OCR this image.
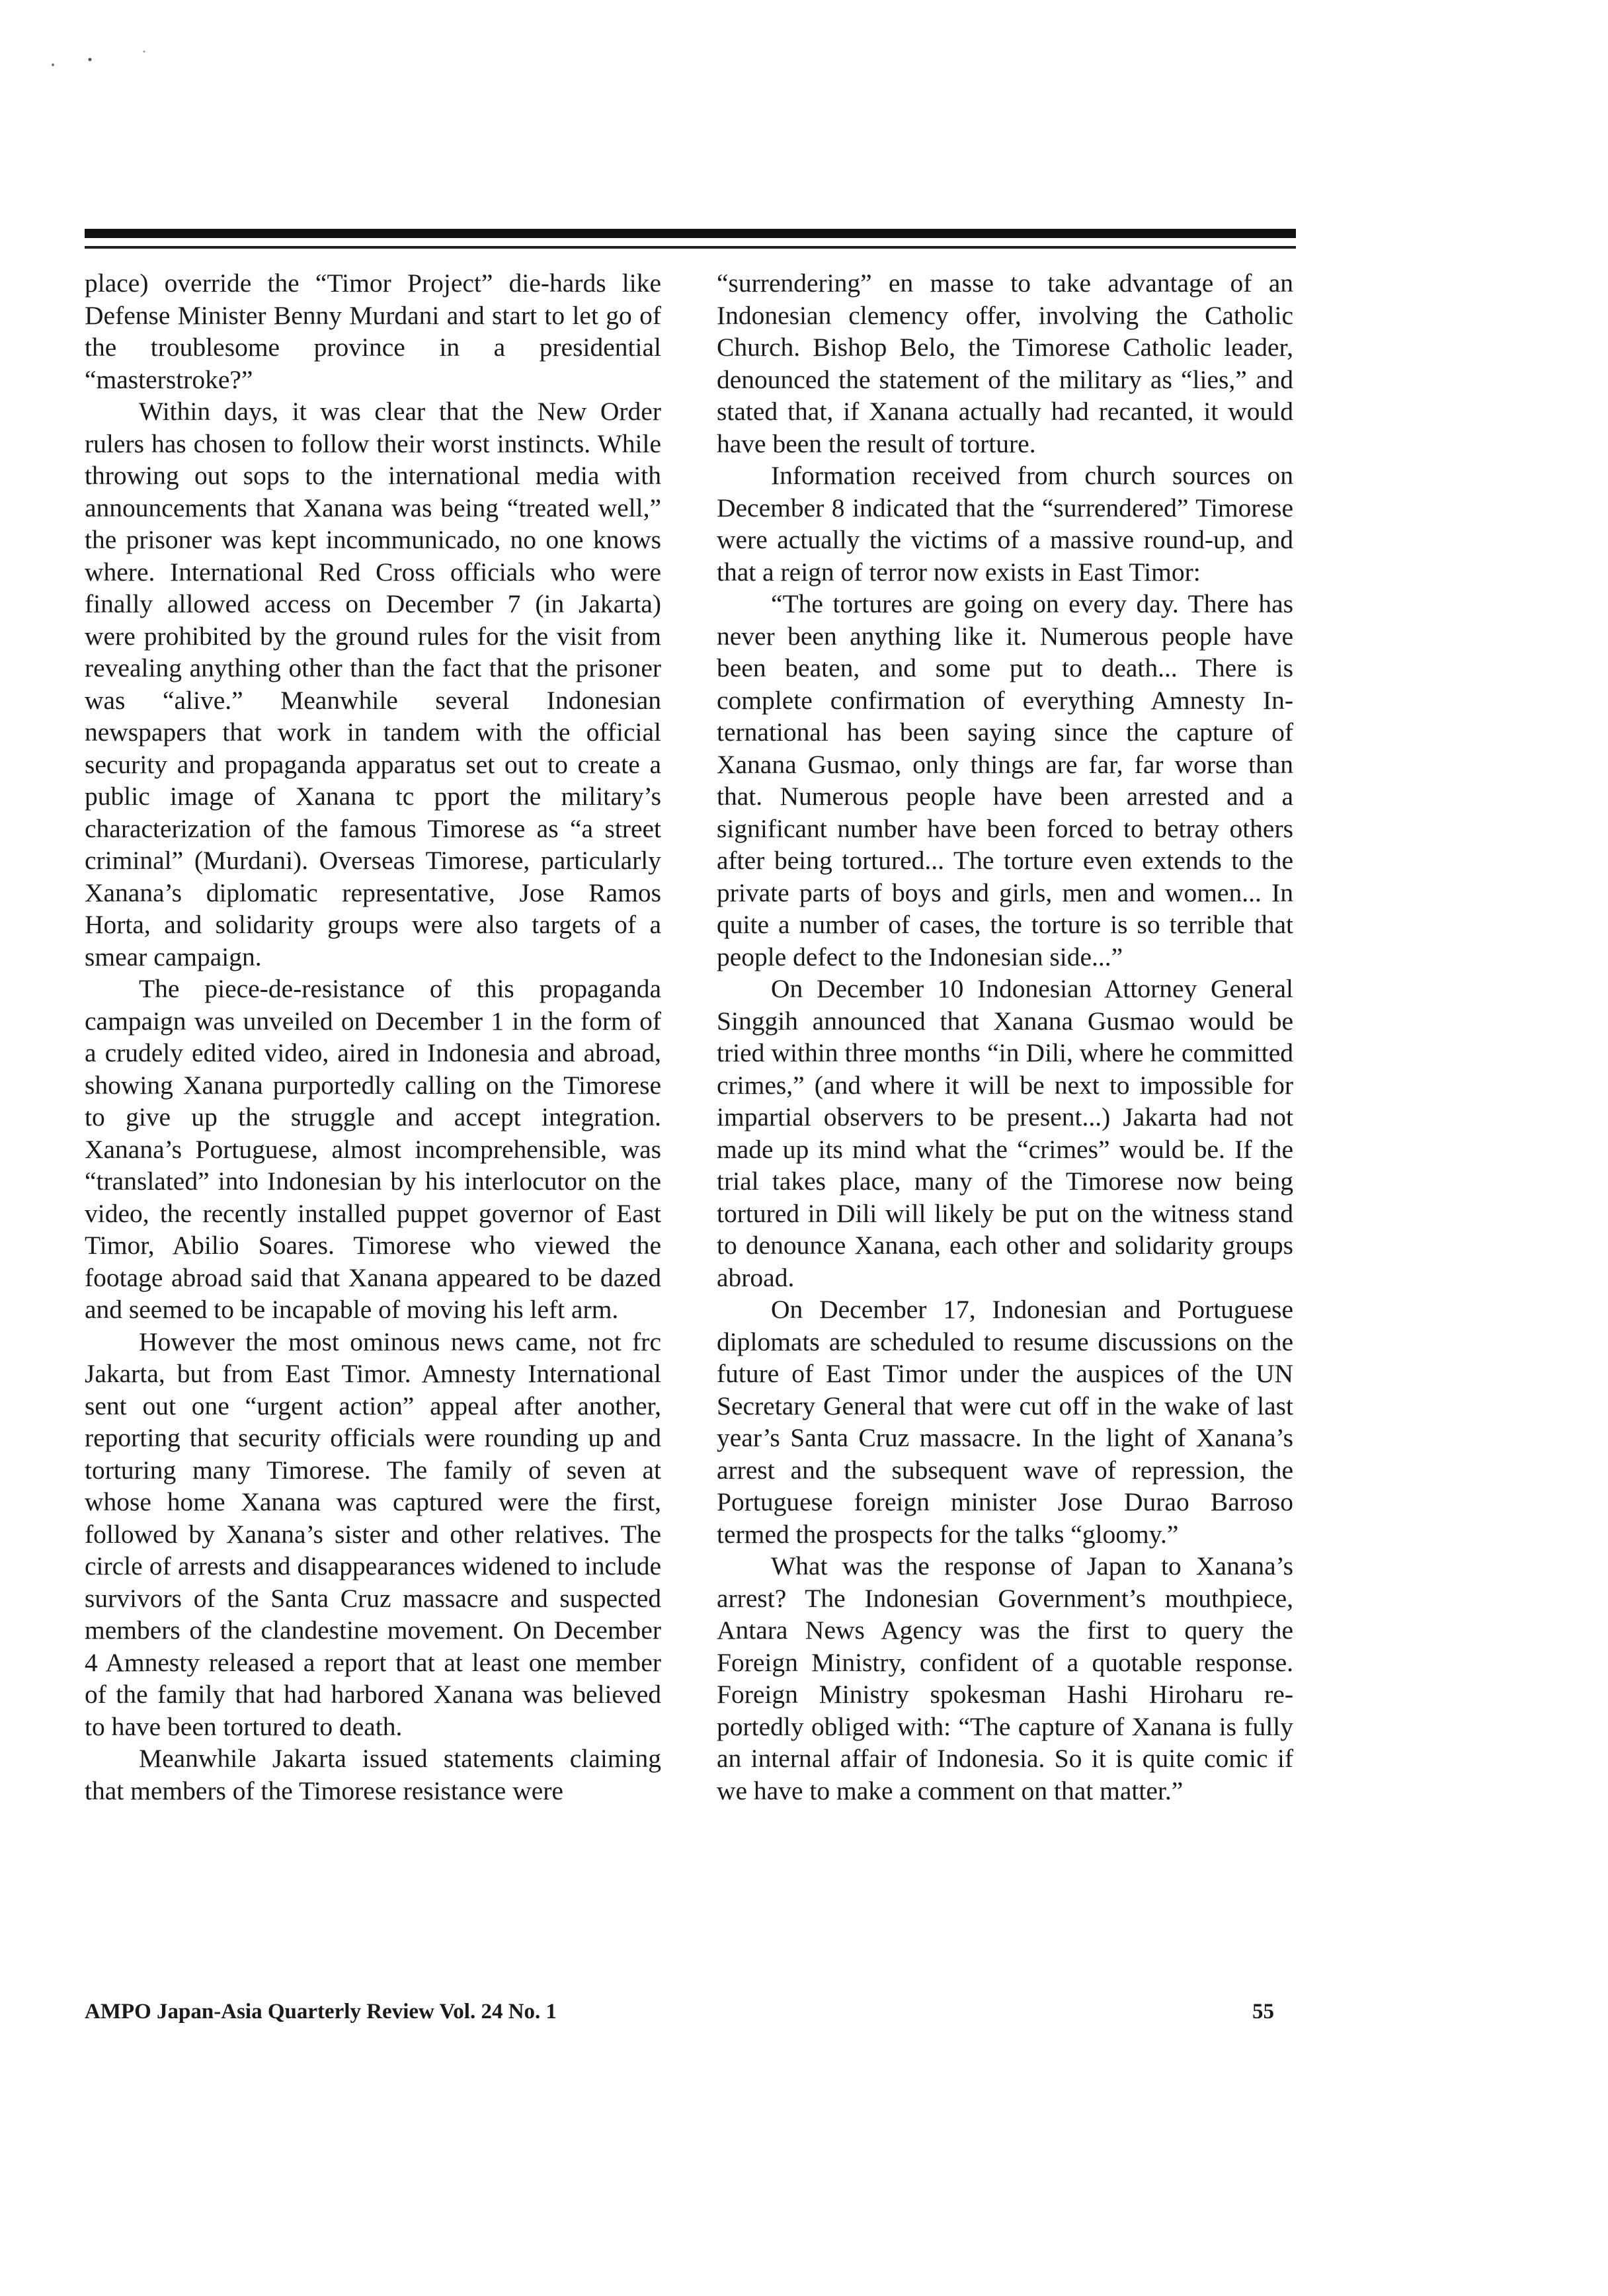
place) override the “Timor Project” die-hards like Defense Minister Benny Murdani and start to let go of the troublesome province in a presidential “masterstroke?”

Within days, it was clear that the New Order rulers has chosen to follow their worst instincts. While throwing out sops to the international media with announcements that Xanana was being “treated well,” the prisoner was kept incommunicado, no one knows where. International Red Cross officials who were finally allowed access on December 7 (in Jakarta) were prohibited by the ground rules for the visit from revealing anything other than the fact that the prisoner was “alive.” Meanwhile several Indonesian newspapers that work in tandem with the official security and propaganda apparatus set out to create a public image of Xanana tc pport the military’s characterization of the famous Timorese as “a street criminal” (Murdani). Overseas Timorese, particularly Xanana’s diplomatic representative, Jose Ramos Horta, and solidarity groups were also targets of a smear campaign.

The piece-de-resistance of this propaganda campaign was unveiled on December 1 in the form of a crudely edited video, aired in Indonesia and abroad, showing Xanana purportedly calling on the Timorese to give up the struggle and accept integration. Xanana’s Portuguese, almost incomprehensible, was “translated” into Indonesian by his interlocutor on the video, the recently installed puppet governor of East Timor, Abilio Soares. Timorese who viewed the footage abroad said that Xanana appeared to be dazed and seemed to be incapable of moving his left arm.

However the most ominous news came, not frc Jakarta, but from East Timor. Amnesty International sent out one “urgent action” appeal after another, reporting that security officials were rounding up and torturing many Timorese. The family of seven at whose home Xanana was captured were the first, followed by Xanana’s sister and other relatives. The circle of arrests and disappearances widened to include survivors of the Santa Cruz massacre and suspected members of the clandestine movement. On December 4 Amnesty released a report that at least one member of the family that had harbored Xanana was believed to have been tortured to death.

Meanwhile Jakarta issued statements claiming that members of the Timorese resistance were

“surrendering” en masse to take advantage of an Indonesian clemency offer, involving the Catholic Church. Bishop Belo, the Timorese Catholic leader, denounced the statement of the military as “lies,” and stated that, if Xanana actually had recanted, it would have been the result of torture.

Information received from church sources on December 8 indicated that the “surrendered” Timorese were actually the victims of a massive round-up, and that a reign of terror now exists in East Timor:

“The tortures are going on every day. There has never been anything like it. Numerous people have been beaten, and some put to death... There is complete confirmation of everything Amnesty International has been saying since the capture of Xanana Gusmao, only things are far, far worse than that. Numerous people have been arrested and a significant number have been forced to betray others after being tortured... The torture even extends to the private parts of boys and girls, men and women... In quite a number of cases, the torture is so terrible that people defect to the Indonesian side...”

On December 10 Indonesian Attorney General Singgih announced that Xanana Gusmao would be tried within three months “in Dili, where he committed crimes,” (and where it will be next to impossible for impartial observers to be present...) Jakarta had not made up its mind what the “crimes” would be. If the trial takes place, many of the Timorese now being tortured in Dili will likely be put on the witness stand to denounce Xanana, each other and solidarity groups abroad.

On December 17, Indonesian and Portuguese diplomats are scheduled to resume discussions on the future of East Timor under the auspices of the UN Secretary General that were cut off in the wake of last year’s Santa Cruz massacre. In the light of Xanana’s arrest and the subsequent wave of repression, the Portuguese foreign minister Jose Durao Barroso termed the prospects for the talks “gloomy.”

What was the response of Japan to Xanana’s arrest? The Indonesian Government’s mouthpiece, Antara News Agency was the first to query the Foreign Ministry, confident of a quotable response. Foreign Ministry spokesman Hashi Hiroharu reportedly obliged with: “The capture of Xanana is fully an internal affair of Indonesia. So it is quite comic if we have to make a comment on that matter.”

AMPO Japan-Asia Quarterly Review Vol. 24 No. 1	55
